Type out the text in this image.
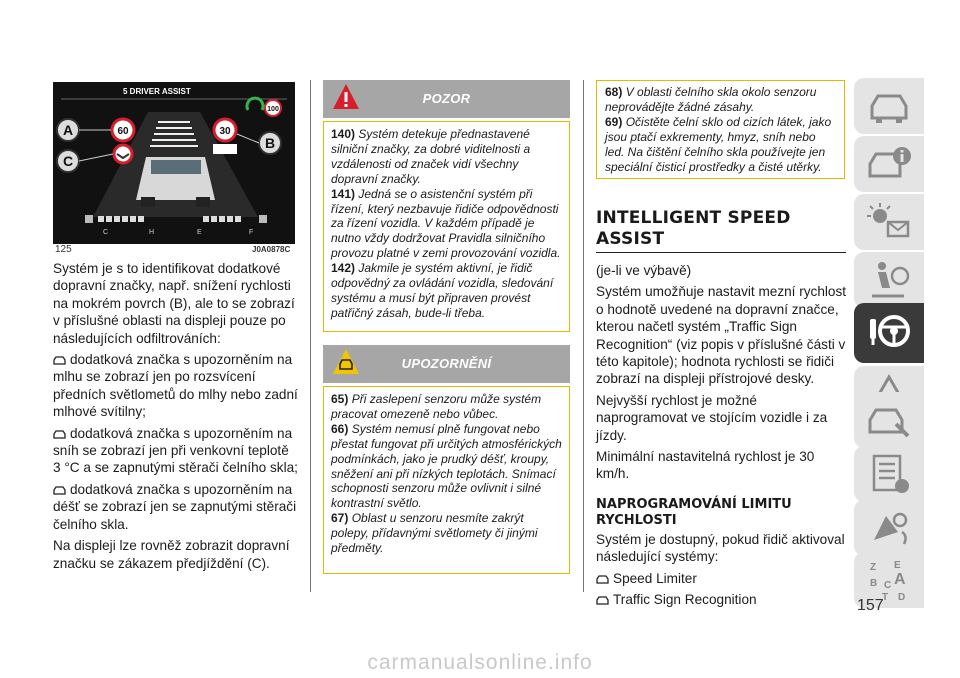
5 DRIVER ASSIST
60	30
100
A
B
C
C	H	E	F
125	J0A0878C

Systém je s to identifikovat dodatkové dopravní značky, např. snížení rychlosti na mokrém povrch (B), ale to se zobrazí v příslušné oblasti na displeji pouze po následujících odfiltrováních:

dodatková značka s upozorněním na mlhu se zobrazí jen po rozsvícení předních světlometů do mlhy nebo zadní mlhové svítilny;

dodatková značka s upozorněním na sníh se zobrazí jen při venkovní teplotě 3 °C a se zapnutými stěrači čelního skla;

dodatková značka s upozorněním na déšť se zobrazí jen se zapnutými stěrači čelního skla.

Na displeji lze rovněž zobrazit dopravní značku se zákazem předjíždění (C).

POZOR
140) Systém detekuje přednastavené silniční značky, za dobré viditelnosti a vzdálenosti od značek vidí všechny dopravní značky.
141) Jedná se o asistenční systém při řízení, který nezbavuje řidiče odpovědnosti za řízení vozidla. V každém případě je nutno vždy dodržovat Pravidla silničního provozu platné v zemi provozování vozidla.
142) Jakmile je systém aktivní, je řidič odpovědný za ovládání vozidla, sledování systému a musí být připraven provést patřičný zásah, bude-li třeba.
UPOZORNĚNÍ
65) Při zaslepení senzoru může systém pracovat omezeně nebo vůbec.
66) Systém nemusí plně fungovat nebo přestat fungovat při určitých atmosférických podmínkách, jako je prudký déšť, kroupy, sněžení ani při nízkých teplotách. Snímací schopnosti senzoru může ovlivnit i silné kontrastní světlo.
67) Oblast u senzoru nesmíte zakrýt polepy, přídavnými světlomety či jinými předměty.
68) V oblasti čelního skla okolo senzoru neprovádějte žádné zásahy.
69) Očistěte čelní sklo od cizích látek, jako jsou ptačí exkrementy, hmyz, sníh nebo led. Na čištění čelního skla používejte jen speciální čisticí prostředky a čisté utěrky.
INTELLIGENT SPEED ASSIST

(je-li ve výbavě)

Systém umožňuje nastavit mezní rychlost o hodnotě uvedené na dopravní značce, kterou načetl systém „Traffic Sign Recognition“ (viz popis v příslušné části v této kapitole); hodnota rychlosti se řidiči zobrazí na displeji přístrojové desky.

Nejvyšší rychlost je možné naprogramovat ve stojícím vozidle i za jízdy.

Minimální nastavitelná rychlost je 30 km/h.

NAPROGRAMOVÁNÍ LIMITU RYCHLOSTI

Systém je dostupný, pokud řidič aktivoval následující systémy:

Speed Limiter

Traffic Sign Recognition

Z E
B C A
T D
157
carmanualsonline.info
